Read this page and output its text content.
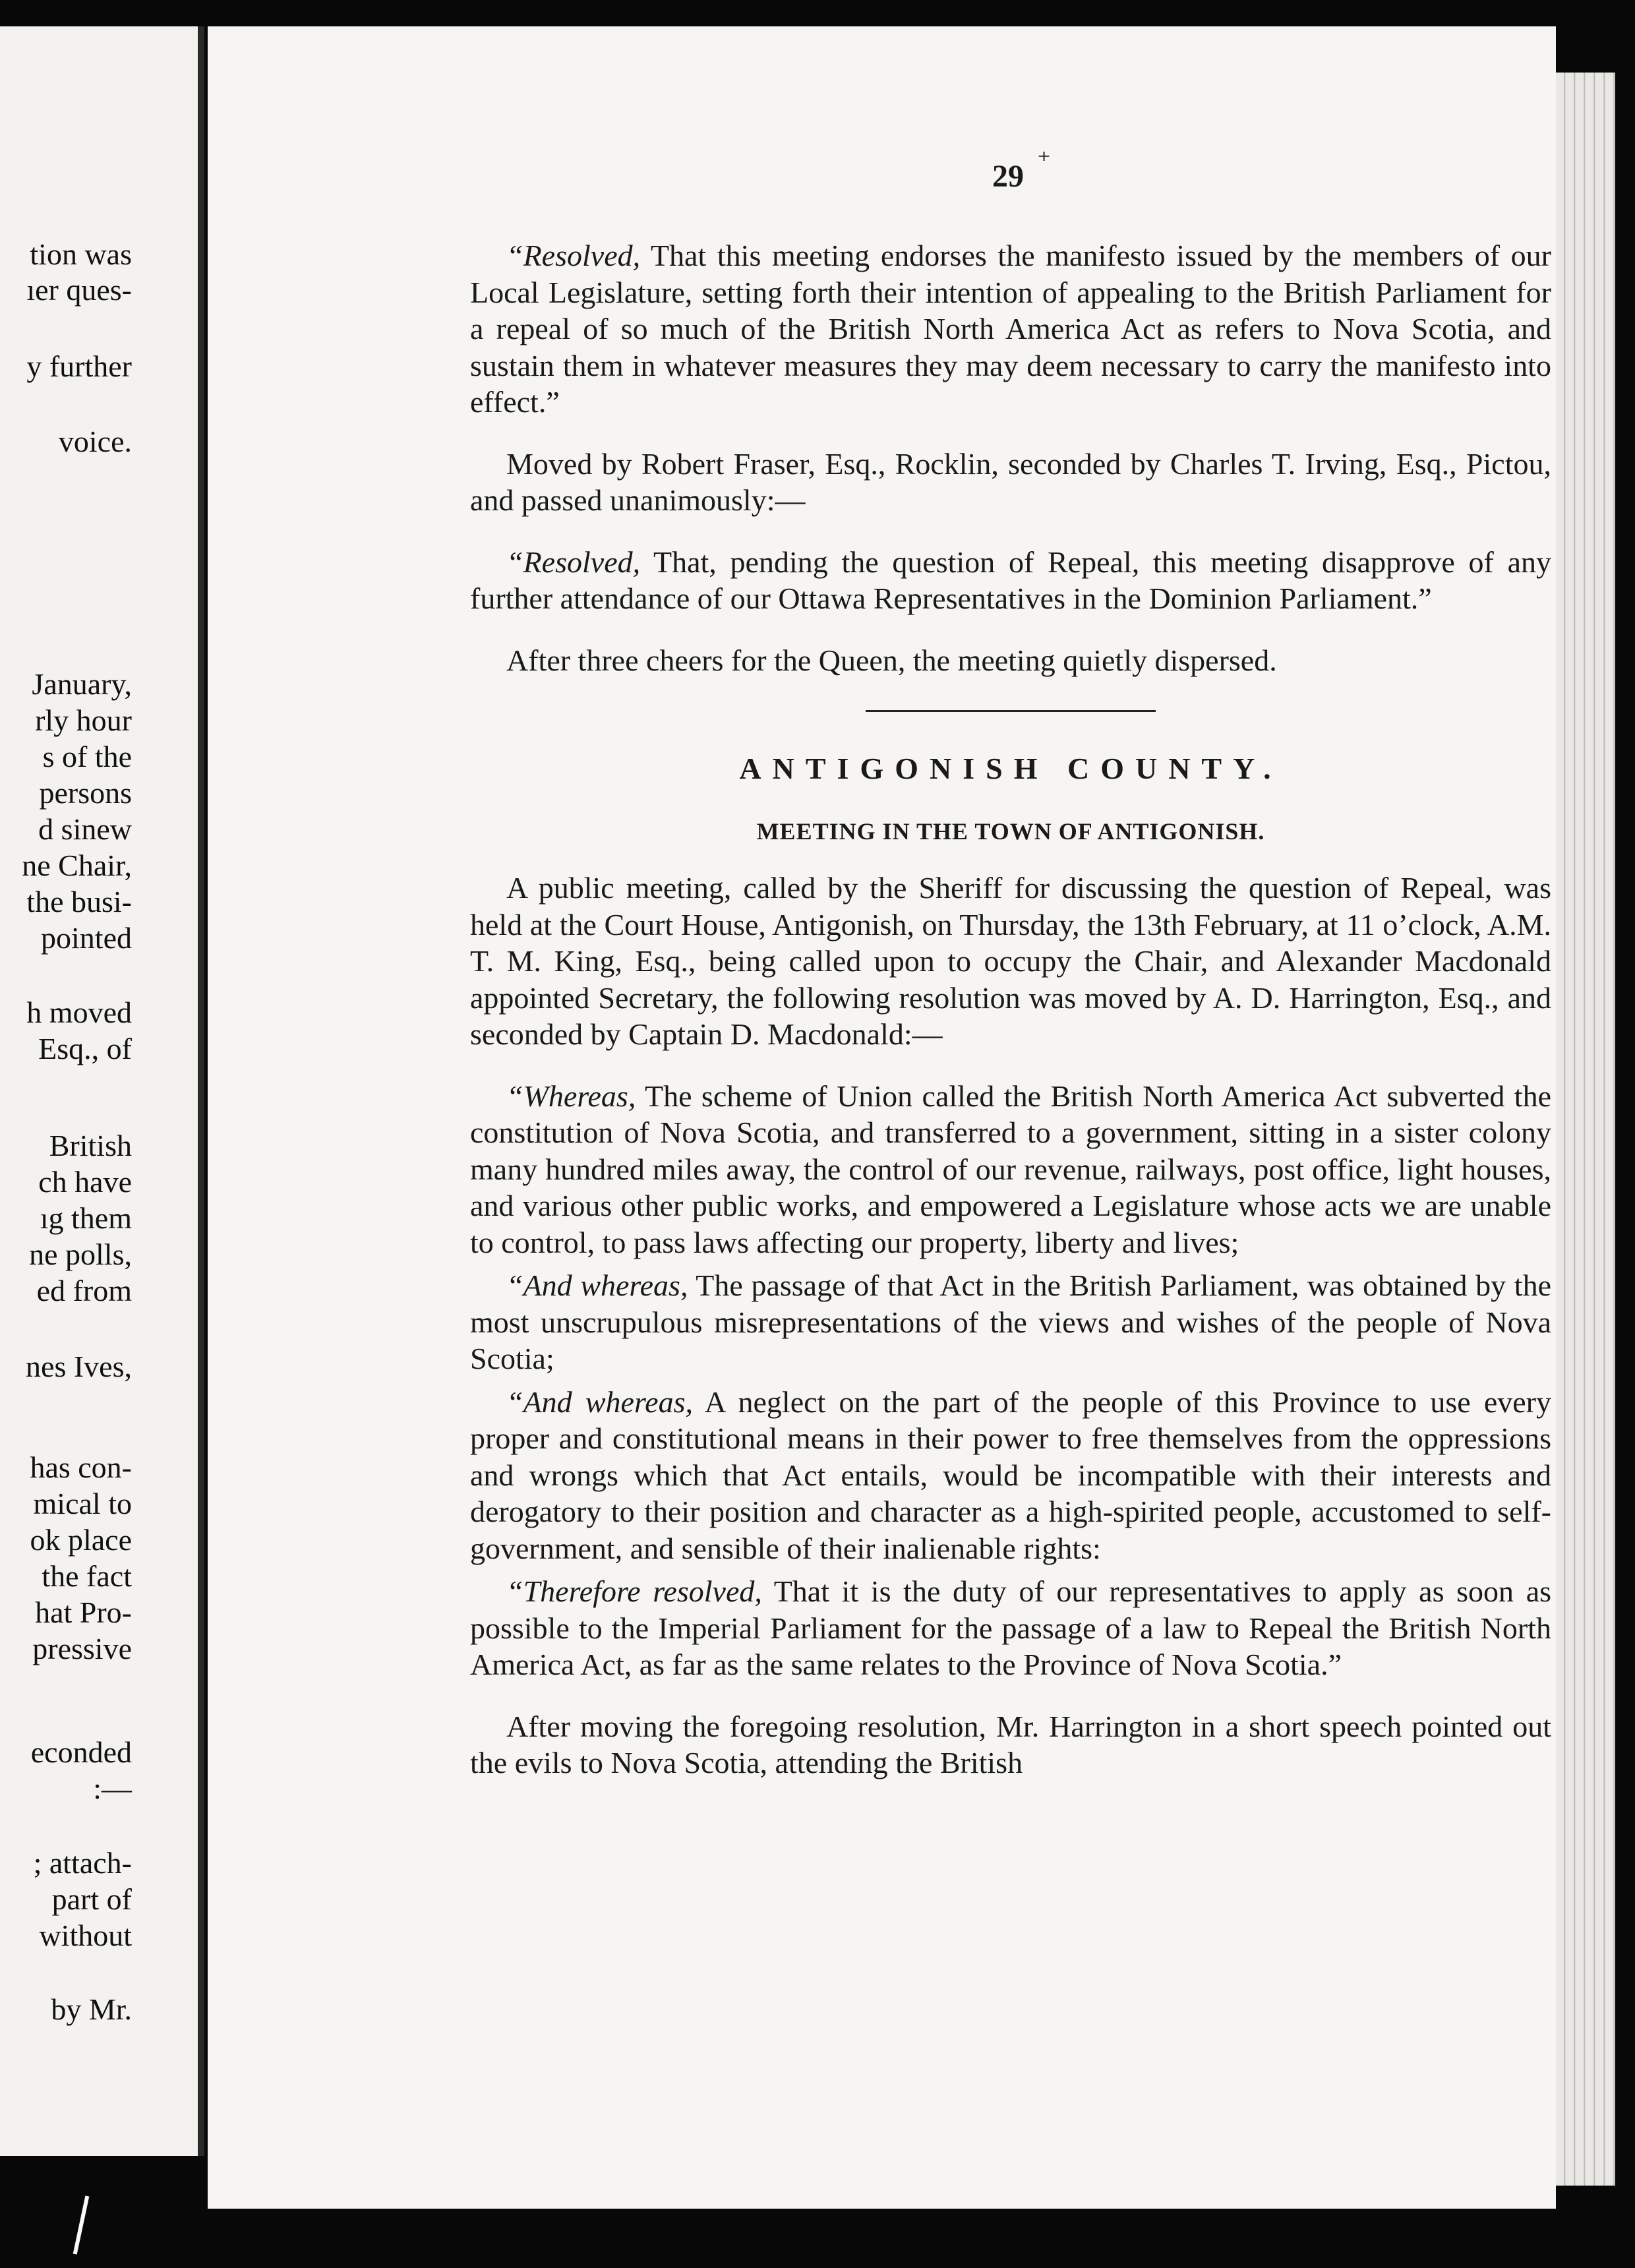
tion was
ıer ques-
y further
voice.
January,
rly hour
s of the
persons
d sinew
ne Chair,
the busi-
pointed
h moved
Esq., of
British
ch have
ıg them
ne polls,
ed from
nes Ives,
has con-
mical to
ok place
the fact
hat Pro-
pressive
econded
:—
; attach-
part of
without
by Mr.
29 ⁺

“Resolved, That this meeting endorses the manifesto issued by the members of our Local Legislature, setting forth their intention of appealing to the British Parliament for a repeal of so much of the British North America Act as refers to Nova Scotia, and sustain them in whatever measures they may deem necessary to carry the manifesto into effect.”

Moved by Robert Fraser, Esq., Rocklin, seconded by Charles T. Irving, Esq., Pictou, and passed unanimously:—

“Resolved, That, pending the question of Repeal, this meeting disapprove of any further attendance of our Ottawa Representatives in the Dominion Parliament.”

After three cheers for the Queen, the meeting quietly dispersed.

ANTIGONISH COUNTY.
MEETING IN THE TOWN OF ANTIGONISH.

A public meeting, called by the Sheriff for discussing the question of Repeal, was held at the Court House, Antigonish, on Thursday, the 13th February, at 11 o’clock, A.M. T. M. King, Esq., being called upon to occupy the Chair, and Alexander Macdonald appointed Secretary, the following resolution was moved by A. D. Harrington, Esq., and seconded by Captain D. Macdonald:—

“Whereas, The scheme of Union called the British North America Act subverted the constitution of Nova Scotia, and transferred to a government, sitting in a sister colony many hundred miles away, the control of our revenue, railways, post office, light houses, and various other public works, and empowered a Legislature whose acts we are unable to control, to pass laws affecting our property, liberty and lives;

“And whereas, The passage of that Act in the British Parliament, was obtained by the most unscrupulous misrepresentations of the views and wishes of the people of Nova Scotia;

“And whereas, A neglect on the part of the people of this Province to use every proper and constitutional means in their power to free themselves from the oppressions and wrongs which that Act entails, would be incompatible with their interests and derogatory to their position and character as a high-spirited people, accustomed to self-government, and sensible of their inalienable rights:

“Therefore resolved, That it is the duty of our representatives to apply as soon as possible to the Imperial Parliament for the passage of a law to Repeal the British North America Act, as far as the same relates to the Province of Nova Scotia.”

After moving the foregoing resolution, Mr. Harrington in a short speech pointed out the evils to Nova Scotia, attending the British
